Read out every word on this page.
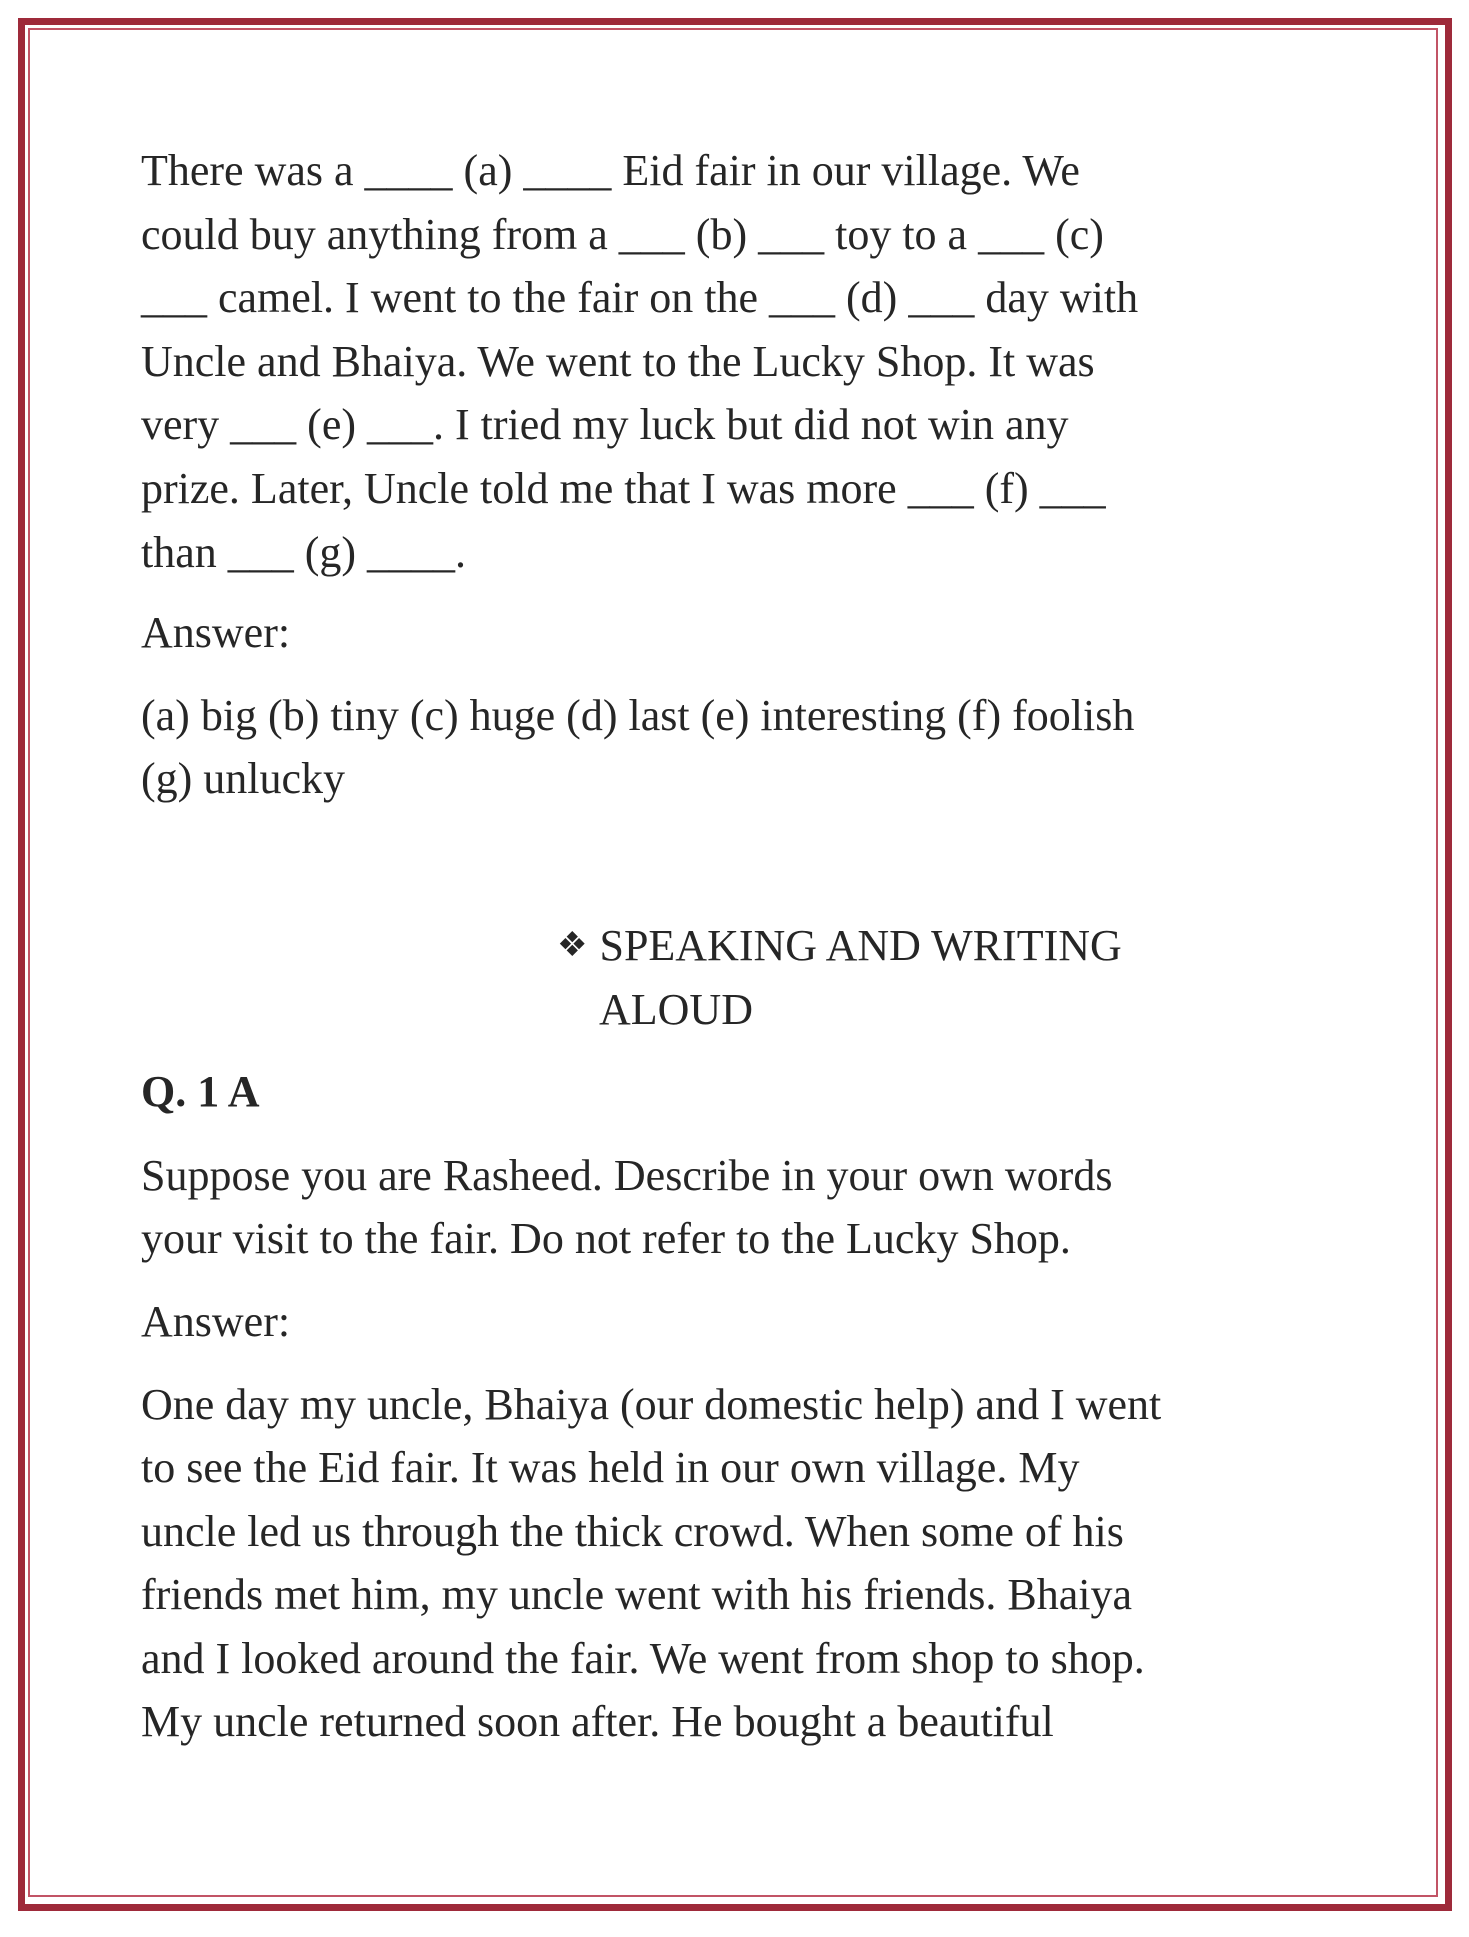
There was a ____ (a) ____ Eid fair in our village. We
could buy anything from a ___ (b) ___ toy to a ___ (c)
___ camel. I went to the fair on the ___ (d) ___ day with
Uncle and Bhaiya. We went to the Lucky Shop. It was
very ___ (e) ___. I tried my luck but did not win any
prize. Later, Uncle told me that I was more ___ (f) ___
than ___ (g) ____.
Answer:
(a) big (b) tiny (c) huge (d) last (e) interesting (f) foolish
(g) unlucky
❖ SPEAKING AND WRITING
ALOUD
Q. 1 A
Suppose you are Rasheed. Describe in your own words
your visit to the fair. Do not refer to the Lucky Shop.
Answer:
One day my uncle, Bhaiya (our domestic help) and I went
to see the Eid fair. It was held in our own village. My
uncle led us through the thick crowd. When some of his
friends met him, my uncle went with his friends. Bhaiya
and I looked around the fair. We went from shop to shop.
My uncle returned soon after. He bought a beautiful
